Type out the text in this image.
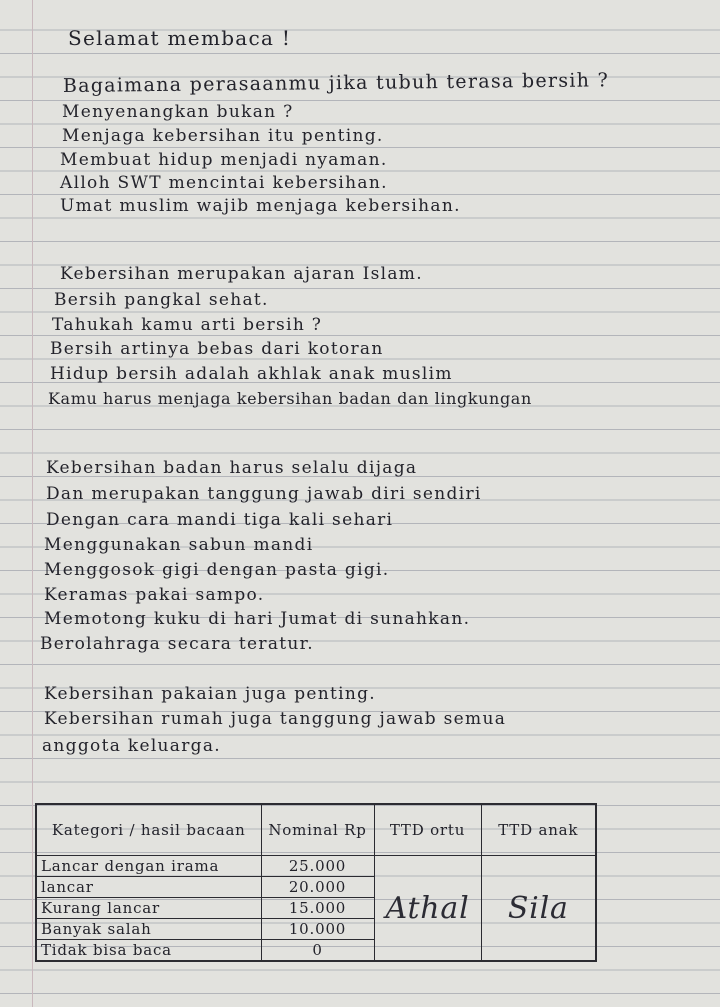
Selamat membaca !
Bagaimana perasaanmu jika tubuh terasa bersih ?
Menyenangkan bukan ?
Menjaga kebersihan itu penting.
Membuat hidup menjadi nyaman.
Alloh SWT mencintai kebersihan.
Umat muslim wajib menjaga kebersihan.
Kebersihan merupakan ajaran Islam.
Bersih pangkal sehat.
Tahukah kamu arti bersih ?
Bersih artinya bebas dari kotoran
Hidup bersih adalah akhlak anak muslim
Kamu harus menjaga kebersihan badan dan lingkungan
Kebersihan badan harus selalu dijaga
Dan merupakan tanggung jawab diri sendiri
Dengan cara mandi tiga kali sehari
Menggunakan sabun mandi
Menggosok gigi dengan pasta gigi.
Keramas pakai sampo.
Memotong kuku di hari Jumat di sunahkan.
Berolahraga secara teratur.
Kebersihan pakaian juga penting.
Kebersihan rumah juga tanggung jawab semua
anggota keluarga.
Kategori / hasil bacaan	Nominal Rp	TTD ortu	TTD anak
Lancar dengan irama	25.000	Athal	Sila
lancar	20.000		
Kurang lancar	15.000		
Banyak salah	10.000		
Tidak bisa baca	0		
